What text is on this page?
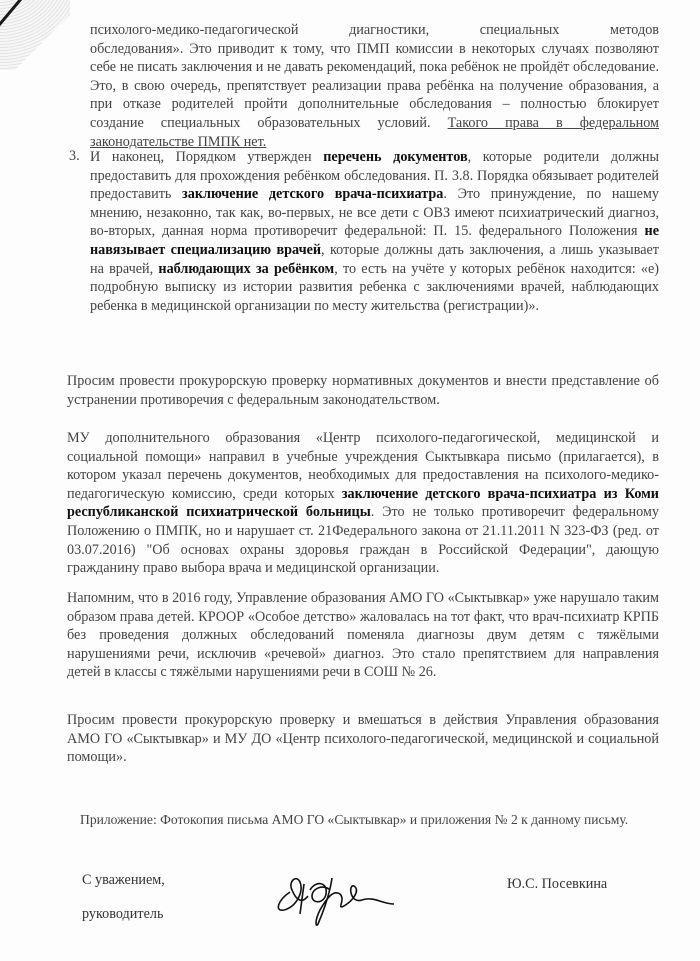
психолого-медико-педагогической	диагностики,	специальных	методов

обследования». Это приводит к тому, что ПМП комиссии в некоторых случаях позволяют себе не писать заключения и не давать рекомендаций, пока ребёнок не пройдёт обследование. Это, в свою очередь, препятствует реализации права ребёнка на получение образования, а при отказе родителей пройти дополнительные обследования – полностью блокирует создание специальных образовательных условий. Такого права в федеральном законодательстве ПМПК нет.

3. И наконец, Порядком утвержден перечень документов, которые родители должны предоставить для прохождения ребёнком обследования. П. 3.8. Порядка обязывает родителей предоставить заключение детского врача-психиатра. Это принуждение, по нашему мнению, незаконно, так как, во-первых, не все дети с ОВЗ имеют психиатрический диагноз, во-вторых, данная норма противоречит федеральной: П. 15. федерального Положения не навязывает специализацию врачей, которые должны дать заключения, а лишь указывает на врачей, наблюдающих за ребёнком, то есть на учёте у которых ребёнок находится: «е) подробную выписку из истории развития ребенка с заключениями врачей, наблюдающих ребенка в медицинской организации по месту жительства (регистрации)».

Просим провести прокурорскую проверку нормативных документов и внести представление об устранении противоречия с федеральным законодательством.

МУ дополнительного образования «Центр психолого-педагогической, медицинской и социальной помощи» направил в учебные учреждения Сыктывкара письмо (прилагается), в котором указал перечень документов, необходимых для предоставления на психолого-медико-педагогическую комиссию, среди которых заключение детского врача-психиатра из Коми республиканской психиатрической больницы. Это не только противоречит федеральному Положению о ПМПК, но и нарушает ст. 21Федерального закона от 21.11.2011 N 323-ФЗ (ред. от 03.07.2016) "Об основах охраны здоровья граждан в Российской Федерации", дающую гражданину право выбора врача и медицинской организации.

Напомним, что в 2016 году, Управление образования АМО ГО «Сыктывкар» уже нарушало таким образом права детей. КРООР «Особое детство» жаловалась на тот факт, что врач-психиатр КРПБ без проведения должных обследований поменяла диагнозы двум детям с тяжёлыми нарушениями речи, исключив «речевой» диагноз. Это стало препятствием для направления детей в классы с тяжёлыми нарушениями речи в СОШ № 26.

Просим провести прокурорскую проверку и вмешаться в действия Управления образования АМО ГО «Сыктывкар» и МУ ДО «Центр психолого-педагогической, медицинской и социальной помощи».

Приложение: Фотокопия письма АМО ГО «Сыктывкар» и приложения № 2 к данному письму.

С уважением,
руководитель
Ю.С. Посевкина
